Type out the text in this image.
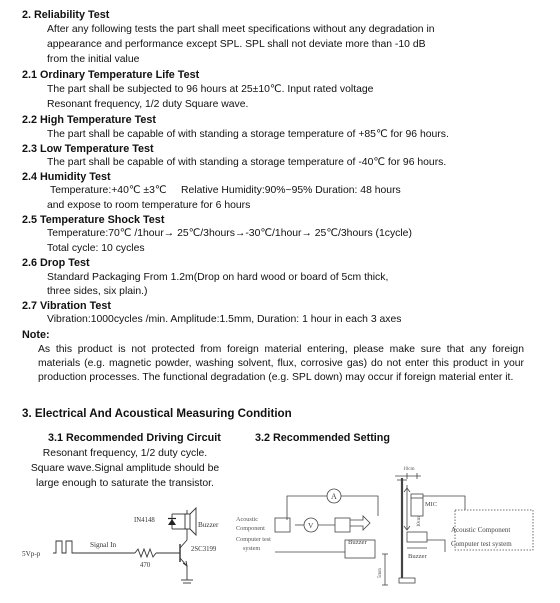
2. Reliability Test
After any following tests the part shall meet specifications without any degradation in
appearance and performance except SPL. SPL shall not deviate more than -10 dB
from the initial value
2.1 Ordinary Temperature Life Test
The part shall be subjected to 96 hours at 25±10℃. Input rated voltage
Resonant frequency, 1/2 duty Square wave.
2.2 High Temperature Test
The part shall be capable of with standing a storage temperature of +85℃ for 96 hours.
2.3 Low Temperature Test
The part shall be capable of with standing a storage temperature of -40℃ for 96 hours.
2.4 Humidity Test
Temperature:+40℃ ±3℃     Relative Humidity:90%~95% Duration: 48 hours
and expose to room temperature for 6 hours
2.5 Temperature Shock Test
Temperature:70℃ /1hour→ 25℃/3hours→-30℃/1hour→ 25℃/3hours (1cycle)
Total cycle: 10 cycles
2.6 Drop Test
Standard Packaging From 1.2m(Drop on hard wood or board of 5cm thick,
three sides, six plain.)
2.7 Vibration Test
Vibration:1000cycles /min. Amplitude:1.5mm, Duration: 1 hour in each 3 axes
Note:
As this product is not protected from foreign material entering, please make sure that any foreign
materials (e.g. magnetic powder, washing solvent, flux, corrosive gas) do not enter this product in your
production processes. The functional degradation (e.g. SPL down) may occur if foreign material enter it.
3. Electrical And Acoustical Measuring Condition
3.1 Recommended Driving Circuit	3.2 Recommended Setting
Resonant frequency, 1/2 duty cycle.
Square wave.Signal amplitude should be
large enough to saturate the transistor.
5Vp-p
Signal In
IN4148
Buzzer
2SC3199
470
Acoustic
Component
Computer test
system
A
V
Buzzer
10cm
MIC
10cm
5mm
Buzzer
Acoustic Component
Computer test system
